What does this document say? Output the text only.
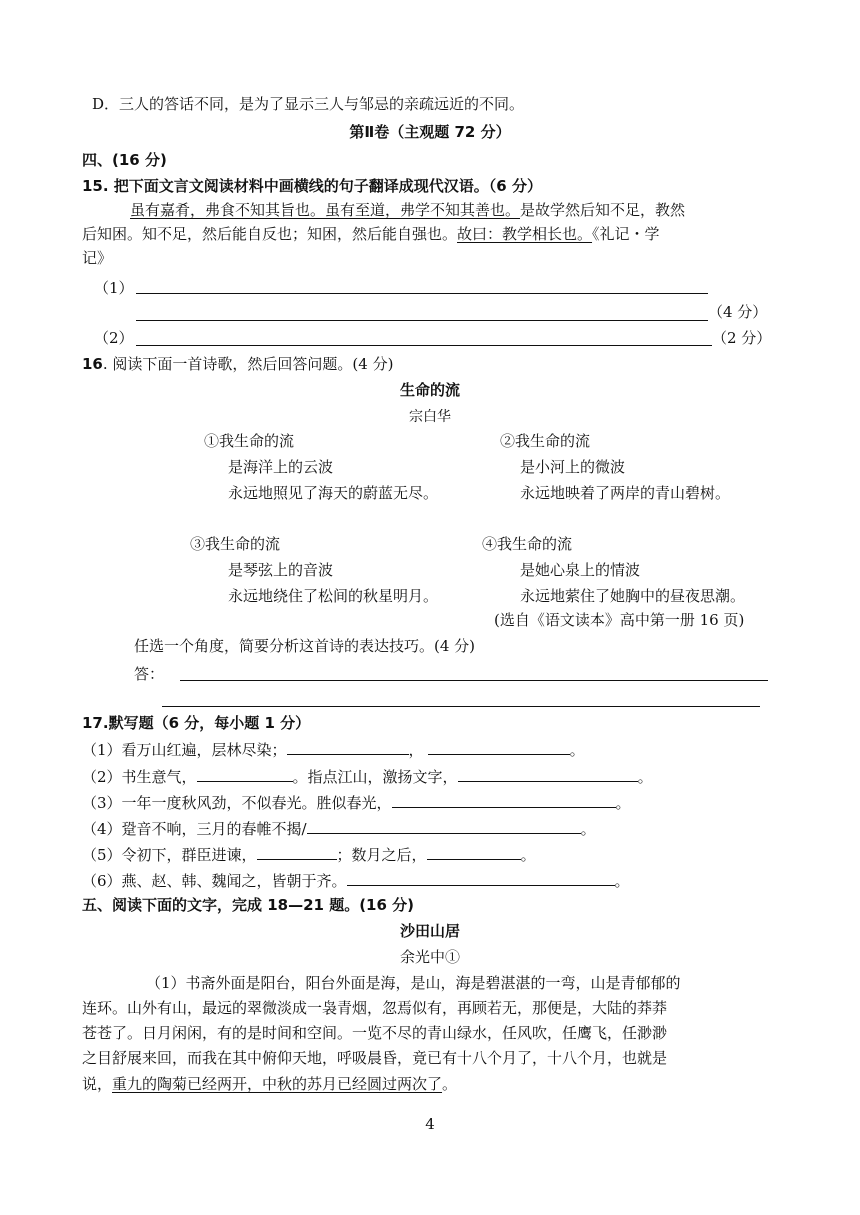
D．三人的答话不同，是为了显示三人与邹忌的亲疏远近的不同。
第Ⅱ卷（主观题 72 分）
四、(16 分)
15. 把下面文言文阅读材料中画横线的句子翻译成现代汉语。（6 分）
虽有嘉肴，弗食不知其旨也。虽有至道，弗学不知其善也。是故学然后知不足，教然
后知困。知不足，然后能自反也；知困，然后能自强也。故曰：教学相长也。《礼记・学
记》
（1）
（4 分）
（2）	（2 分）
16. 阅读下面一首诗歌，然后回答问题。(4 分)
生命的流
宗白华
①我生命的流
是海洋上的云波
永远地照见了海天的蔚蓝无尽。
②我生命的流
是小河上的微波
永远地映着了两岸的青山碧树。
③我生命的流
是琴弦上的音波
永远地绕住了松间的秋星明月。
④我生命的流
是她心泉上的情波
永远地萦住了她胸中的昼夜思潮。
(选自《语文读本》高中第一册 16 页)
任选一个角度，简要分析这首诗的表达技巧。(4 分)
答：
17.默写题（6 分，每小题 1 分）
（1）看万山红遍，层林尽染；	，	。
（2）书生意气，	。指点江山，激扬文字，	。
（3）一年一度秋风劲，不似春光。胜似春光，	。
（4）跫音不响，三月的春帷不揭/	。
（5）令初下，群臣进谏，	；数月之后，	。
（6）燕、赵、韩、魏闻之，皆朝于齐。	。
五、阅读下面的文字，完成 18—21 题。(16 分)
沙田山居
余光中①
（1）书斋外面是阳台，阳台外面是海，是山，海是碧湛湛的一弯，山是青郁郁的
连环。山外有山，最远的翠微淡成一袅青烟，忽焉似有，再顾若无，那便是，大陆的莽莽
苍苍了。日月闲闲，有的是时间和空间。一览不尽的青山绿水，任风吹，任鹰飞，任渺渺
之目舒展来回，而我在其中俯仰天地，呼吸晨昏，竟已有十八个月了，十八个月，也就是
说，重九的陶菊已经两开，中秋的苏月已经圆过两次了。
4
